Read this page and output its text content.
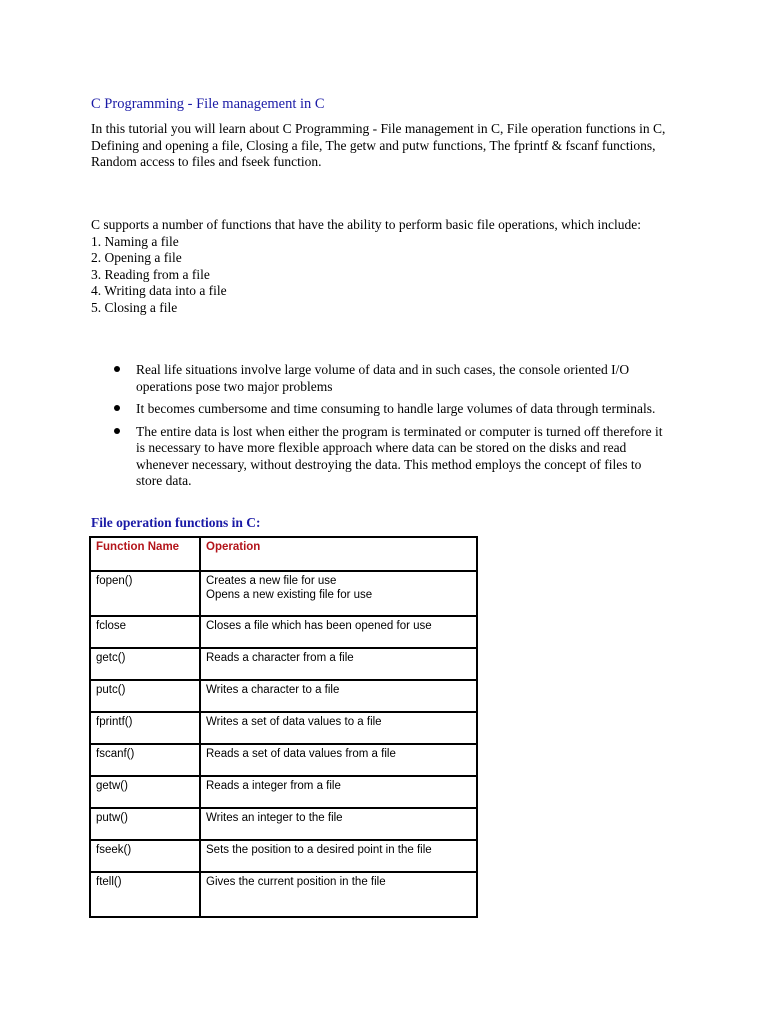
C Programming - File management in C

In this tutorial you will learn about C Programming - File management in C, File operation functions in C, Defining and opening a file, Closing a file, The getw and putw functions, The fprintf & fscanf functions, Random access to files and fseek function.

C supports a number of functions that have the ability to perform basic file operations, which include:
1. Naming a file
2. Opening a file
3. Reading from a file
4. Writing data into a file
5. Closing a file
Real life situations involve large volume of data and in such cases, the console oriented I/O operations pose two major problems
It becomes cumbersome and time consuming to handle large volumes of data through terminals.
The entire data is lost when either the program is terminated or computer is turned off therefore it is necessary to have more flexible approach where data can be stored on the disks and read whenever necessary, without destroying the data. This method employs the concept of files to store data.
File operation functions in C:
Function Name	Operation
fopen()	Creates a new file for use
Opens a new existing file for use

fclose	Closes a file which has been opened for use
getc()	Reads a character from a file
putc()	Writes a character to a file
fprintf()	Writes a set of data values to a file
fscanf()	Reads a set of data values from a file
getw()	Reads a integer from a file
putw()	Writes an integer to the file
fseek()	Sets the position to a desired point in the file
ftell()	Gives the current position in the file
